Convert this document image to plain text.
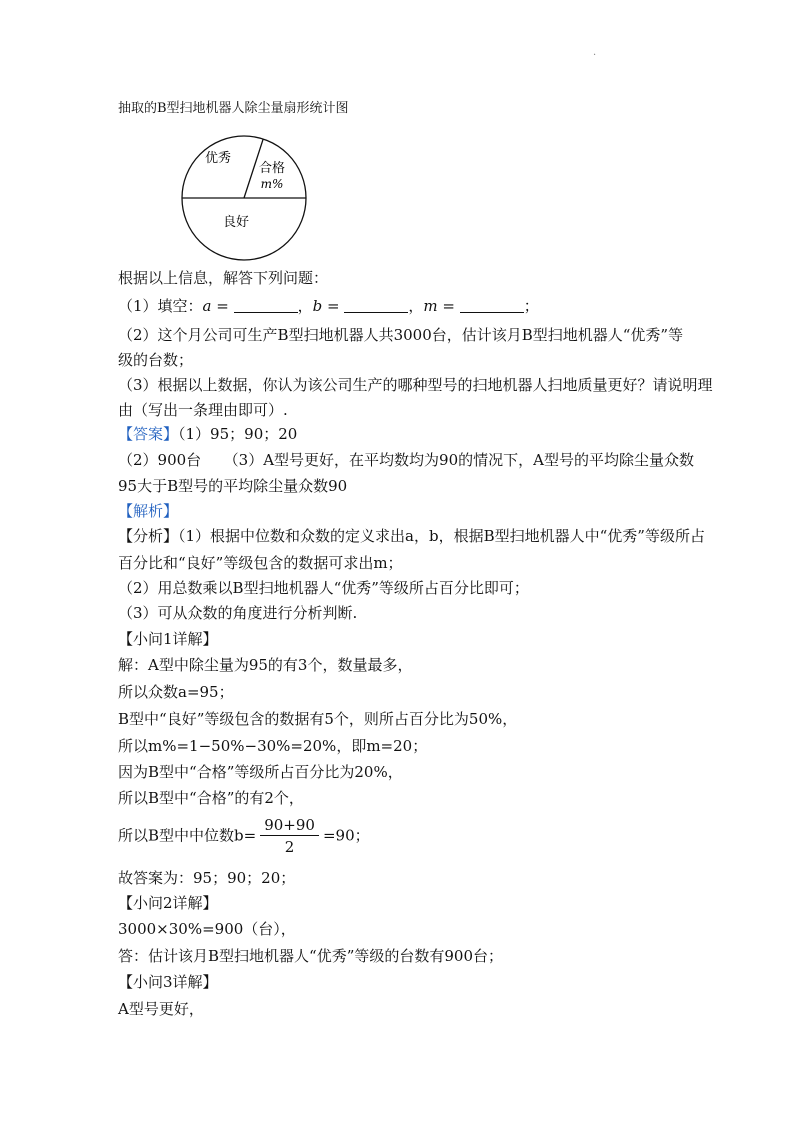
·
抽取的B型扫地机器人除尘量扇形统计图
优秀
合格
m%
良好
根据以上信息，解答下列问题：
（1）填空：a =	，b =	，m =	；
（2）这个月公司可生产B型扫地机器人共3000台，估计该月B型扫地机器人“优秀”等
级的台数；
（3）根据以上数据，你认为该公司生产的哪种型号的扫地机器人扫地质量更好？请说明理
由（写出一条理由即可）.
【答案】（1）95；90；20
（2）900台　　（3）A型号更好，在平均数均为90的情况下，A型号的平均除尘量众数
95大于B型号的平均除尘量众数90
【解析】
【分析】（1）根据中位数和众数的定义求出a，b，根据B型扫地机器人中“优秀”等级所占
百分比和“良好”等级包含的数据可求出m；
（2）用总数乘以B型扫地机器人“优秀”等级所占百分比即可；
（3）可从众数的角度进行分析判断.
【小问1详解】
解：A型中除尘量为95的有3个，数量最多，
所以众数a=95；
B型中“良好”等级包含的数据有5个，则所占百分比为50%，
所以m%=1−50%−30%=20%，即m=20；
因为B型中“合格”等级所占百分比为20%，
所以B型中“合格”的有2个，
所以B型中中位数$b= \frac{90+90}{2} =90$；
故答案为：95；90；20；
【小问2详解】
3000×30%=900（台），
答：估计该月B型扫地机器人“优秀”等级的台数有900台；
【小问3详解】
A型号更好，
